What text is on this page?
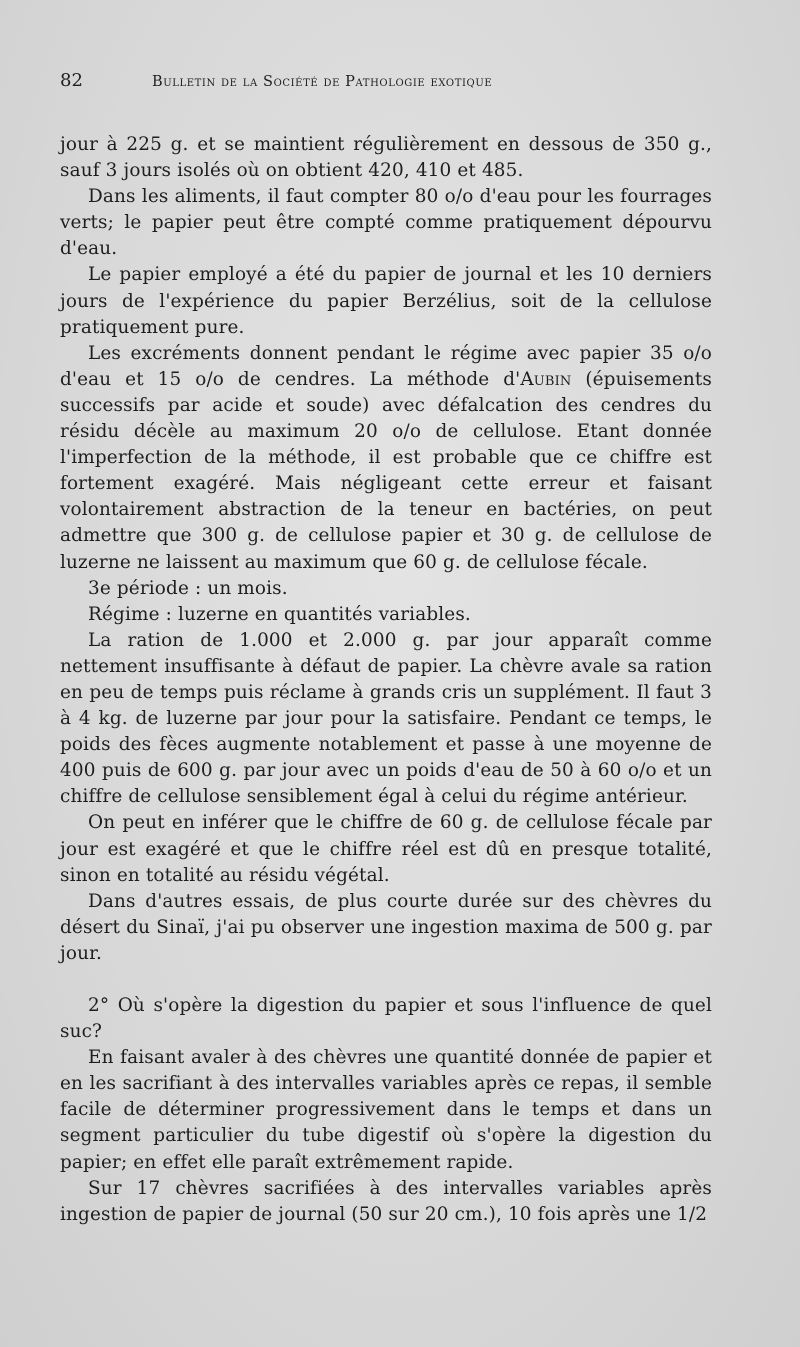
82	Bulletin de la Société de Pathologie exotique

jour à 225 g. et se maintient régulièrement en dessous de 350 g., sauf 3 jours isolés où on obtient 420, 410 et 485.

Dans les aliments, il faut compter 80 o/o d'eau pour les fourrages verts; le papier peut être compté comme pratiquement dépourvu d'eau.

Le papier employé a été du papier de journal et les 10 derniers jours de l'expérience du papier Berzélius, soit de la cellulose pratiquement pure.

Les excréments donnent pendant le régime avec papier 35 o/o d'eau et 15 o/o de cendres. La méthode d'Aubin (épuisements successifs par acide et soude) avec défalcation des cendres du résidu décèle au maximum 20 o/o de cellulose. Etant donnée l'imperfection de la méthode, il est probable que ce chiffre est fortement exagéré. Mais négligeant cette erreur et faisant volontairement abstraction de la teneur en bactéries, on peut admettre que 300 g. de cellulose papier et 30 g. de cellulose de luzerne ne laissent au maximum que 60 g. de cellulose fécale.

3e période : un mois.

Régime : luzerne en quantités variables.

La ration de 1.000 et 2.000 g. par jour apparaît comme nettement insuffisante à défaut de papier. La chèvre avale sa ration en peu de temps puis réclame à grands cris un supplément. Il faut 3 à 4 kg. de luzerne par jour pour la satisfaire. Pendant ce temps, le poids des fèces augmente notablement et passe à une moyenne de 400 puis de 600 g. par jour avec un poids d'eau de 50 à 60 o/o et un chiffre de cellulose sensiblement égal à celui du régime antérieur.

On peut en inférer que le chiffre de 60 g. de cellulose fécale par jour est exagéré et que le chiffre réel est dû en presque totalité, sinon en totalité au résidu végétal.

Dans d'autres essais, de plus courte durée sur des chèvres du désert du Sinaï, j'ai pu observer une ingestion maxima de 500 g. par jour.

2° Où s'opère la digestion du papier et sous l'influence de quel suc?

En faisant avaler à des chèvres une quantité donnée de papier et en les sacrifiant à des intervalles variables après ce repas, il semble facile de déterminer progressivement dans le temps et dans un segment particulier du tube digestif où s'opère la digestion du papier; en effet elle paraît extrêmement rapide.

Sur 17 chèvres sacrifiées à des intervalles variables après ingestion de papier de journal (50 sur 20 cm.), 10 fois après une 1/2
